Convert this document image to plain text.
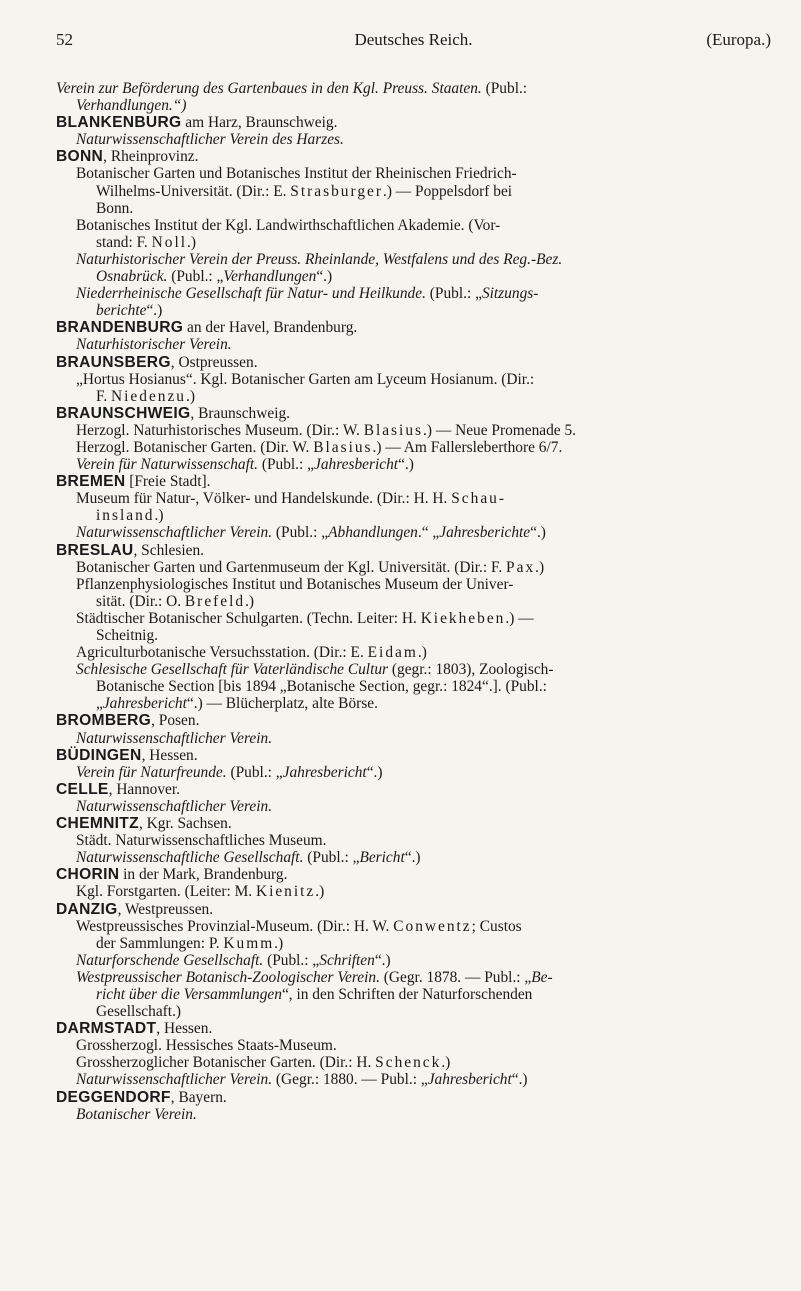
52	Deutsches Reich.	(Europa.)

Verein zur Beförderung des Gartenbaues in den Kgl. Preuss. Staaten. (Publ.:

Verhandlungen.“)

BLANKENBURG am Harz, Braunschweig.

Naturwissenschaftlicher Verein des Harzes.

BONN, Rheinprovinz.

Botanischer Garten und Botanisches Institut der Rheinischen Friedrich-

Wilhelms-Universität. (Dir.: E. Strasburger.) — Poppelsdorf bei

Bonn.

Botanisches Institut der Kgl. Landwirthschaftlichen Akademie. (Vor-

stand: F. Noll.)

Naturhistorischer Verein der Preuss. Rheinlande, Westfalens und des Reg.-Bez.

Osnabrück. (Publ.: „Verhandlungen“.)

Niederrheinische Gesellschaft für Natur- und Heilkunde. (Publ.: „Sitzungs-

berichte“.)

BRANDENBURG an der Havel, Brandenburg.

Naturhistorischer Verein.

BRAUNSBERG, Ostpreussen.

„Hortus Hosianus“. Kgl. Botanischer Garten am Lyceum Hosianum. (Dir.:

F. Niedenzu.)

BRAUNSCHWEIG, Braunschweig.

Herzogl. Naturhistorisches Museum. (Dir.: W. Blasius.) — Neue Promenade 5.

Herzogl. Botanischer Garten. (Dir. W. Blasius.) — Am Fallersleberthore 6/7.

Verein für Naturwissenschaft. (Publ.: „Jahresbericht“.)

BREMEN [Freie Stadt].

Museum für Natur-, Völker- und Handelskunde. (Dir.: H. H. Schau-

insland.)

Naturwissenschaftlicher Verein. (Publ.: „Abhandlungen.“ „Jahresberichte“.)

BRESLAU, Schlesien.

Botanischer Garten und Gartenmuseum der Kgl. Universität. (Dir.: F. Pax.)

Pflanzenphysiologisches Institut und Botanisches Museum der Univer-

sität. (Dir.: O. Brefeld.)

Städtischer Botanischer Schulgarten. (Techn. Leiter: H. Kiekheben.) —

Scheitnig.

Agriculturbotanische Versuchsstation. (Dir.: E. Eidam.)

Schlesische Gesellschaft für Vaterländische Cultur (gegr.: 1803), Zoologisch-

Botanische Section [bis 1894 „Botanische Section, gegr.: 1824“.]. (Publ.:

„Jahresbericht“.) — Blücherplatz, alte Börse.

BROMBERG, Posen.

Naturwissenschaftlicher Verein.

BÜDINGEN, Hessen.

Verein für Naturfreunde. (Publ.: „Jahresbericht“.)

CELLE, Hannover.

Naturwissenschaftlicher Verein.

CHEMNITZ, Kgr. Sachsen.

Städt. Naturwissenschaftliches Museum.

Naturwissenschaftliche Gesellschaft. (Publ.: „Bericht“.)

CHORIN in der Mark, Brandenburg.

Kgl. Forstgarten. (Leiter: M. Kienitz.)

DANZIG, Westpreussen.

Westpreussisches Provinzial-Museum. (Dir.: H. W. Conwentz; Custos

der Sammlungen: P. Kumm.)

Naturforschende Gesellschaft. (Publ.: „Schriften“.)

Westpreussischer Botanisch-Zoologischer Verein. (Gegr. 1878. — Publ.: „Be-

richt über die Versammlungen“, in den Schriften der Naturforschenden

Gesellschaft.)

DARMSTADT, Hessen.

Grossherzogl. Hessisches Staats-Museum.

Grossherzoglicher Botanischer Garten. (Dir.: H. Schenck.)

Naturwissenschaftlicher Verein. (Gegr.: 1880. — Publ.: „Jahresbericht“.)

DEGGENDORF, Bayern.

Botanischer Verein.
